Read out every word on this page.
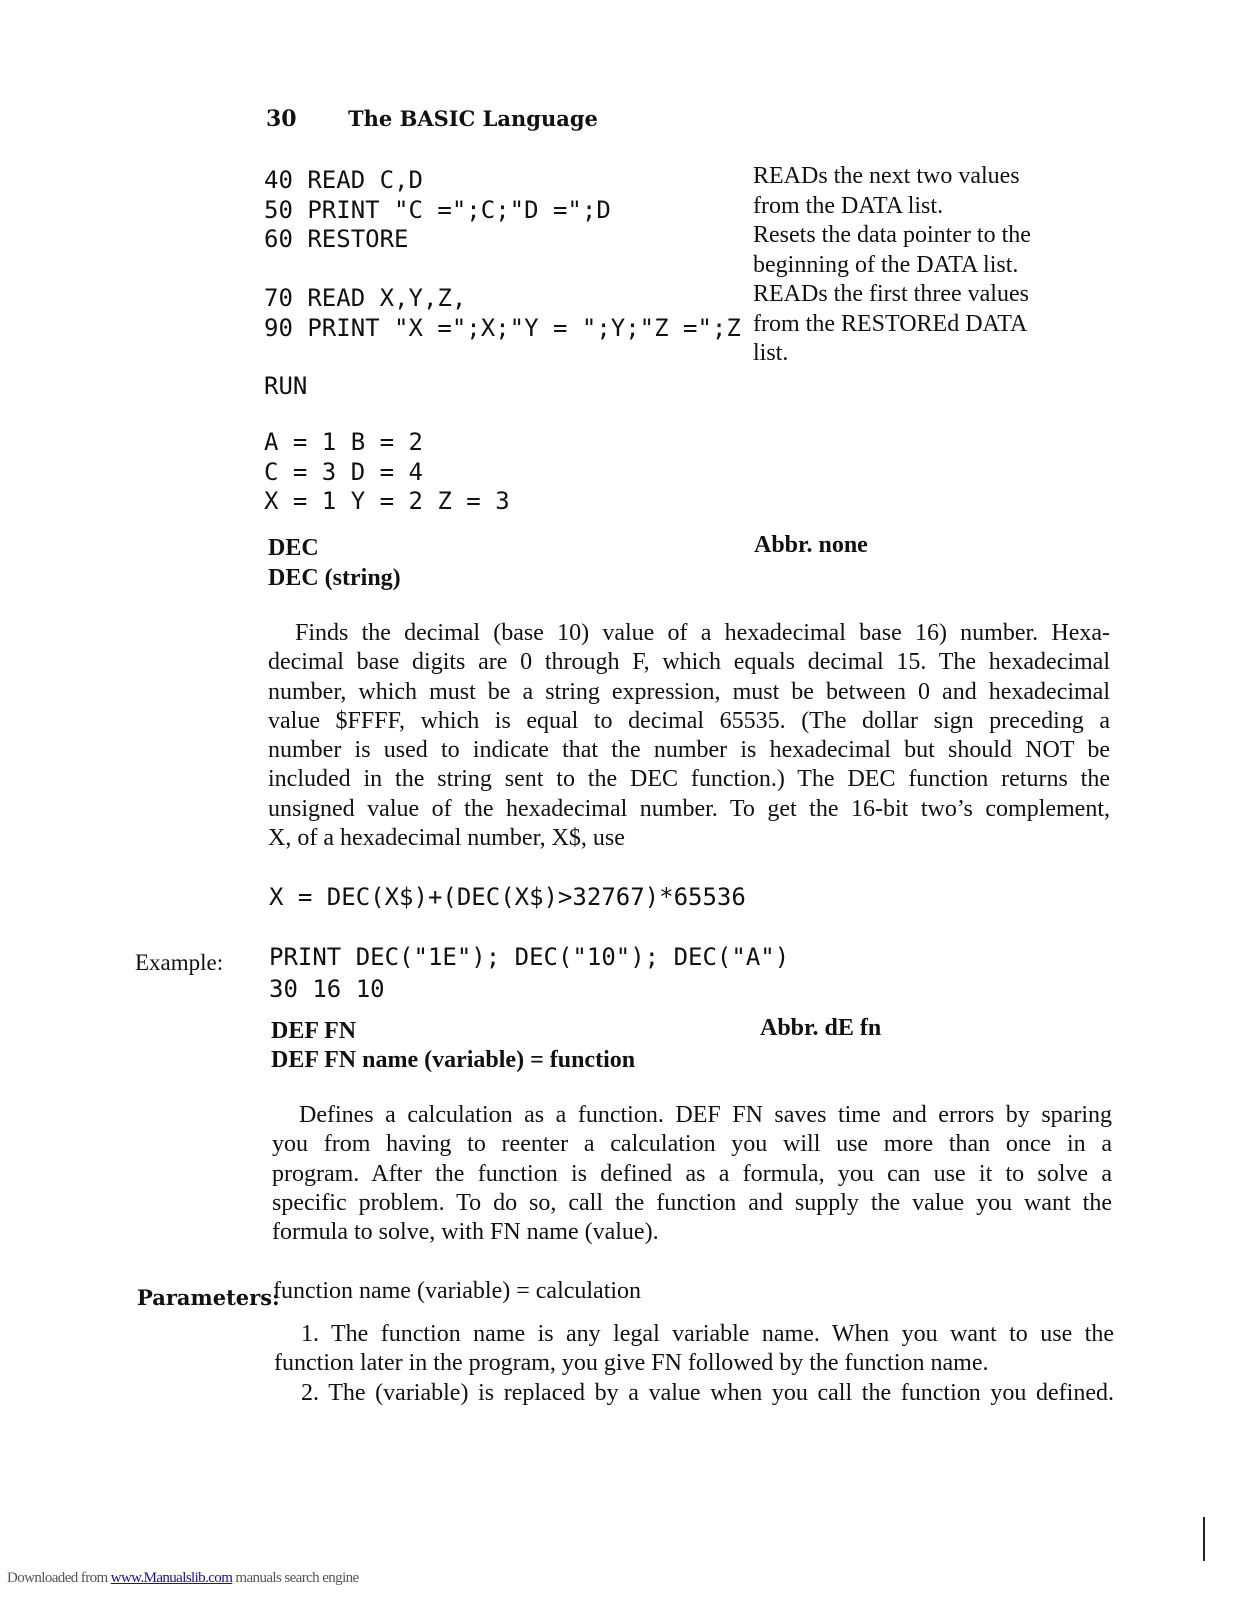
30 The BASIC Language
40 READ C,D
50 PRINT "C =";C;"D =";D
60 RESTORE

70 READ X,Y,Z,
90 PRINT "X =";X;"Y = ";Y;"Z =";Z
READs the next two values
from the DATA list.
Resets the data pointer to the
beginning of the DATA list.
READs the first three values
from the RESTOREd DATA
list.
RUN
A = 1 B = 2
C = 3 D = 4
X = 1 Y = 2 Z = 3
DEC
DEC (string)
Abbr. none
Finds the decimal (base 10) value of a hexadecimal base 16) number. Hexa-
decimal base digits are 0 through F, which equals decimal 15. The hexadecimal
number, which must be a string expression, must be between 0 and hexadecimal
value $FFFF, which is equal to decimal 65535. (The dollar sign preceding a
number is used to indicate that the number is hexadecimal but should NOT be
included in the string sent to the DEC function.) The DEC function returns the
unsigned value of the hexadecimal number. To get the 16-bit two’s complement,
X, of a hexadecimal number, X$, use
X = DEC(X$)+(DEC(X$)>32767)*65536
Example: PRINT DEC("1E"); DEC("10"); DEC("A")
30 16 10
DEF FN
DEF FN name (variable) = function
Abbr. dE fn
Defines a calculation as a function. DEF FN saves time and errors by sparing
you from having to reenter a calculation you will use more than once in a
program. After the function is defined as a formula, you can use it to solve a
specific problem. To do so, call the function and supply the value you want the
formula to solve, with FN name (value).
Parameters:
function name (variable) = calculation
1. The function name is any legal variable name. When you want to use the
function later in the program, you give FN followed by the function name.
2. The (variable) is replaced by a value when you call the function you defined.
Downloaded from www.Manualslib.com manuals search engine
